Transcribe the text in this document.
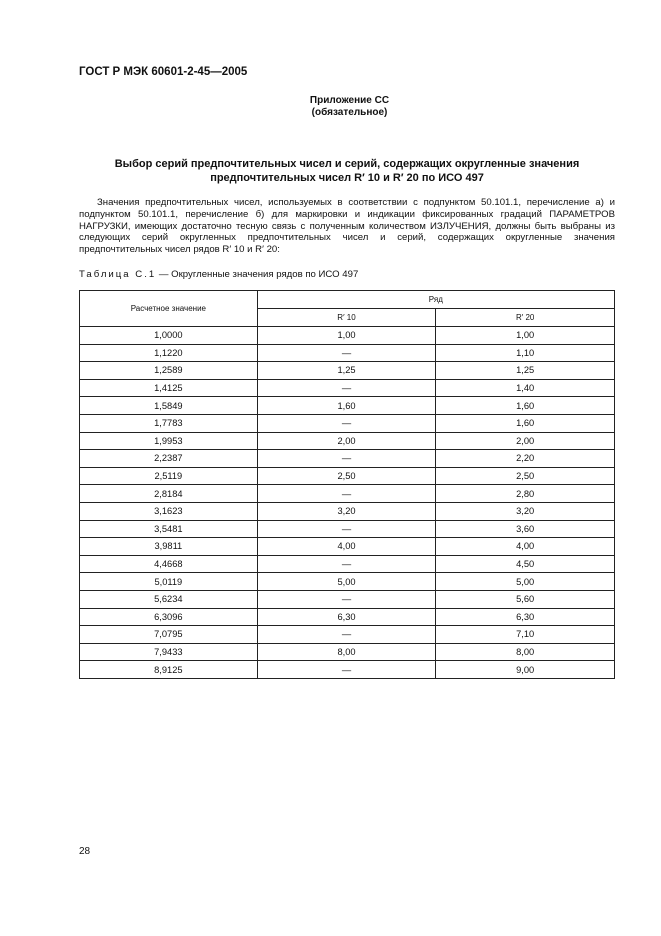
ГОСТ Р МЭК 60601-2-45—2005
Приложение СС
(обязательное)
Выбор серий предпочтительных чисел и серий, содержащих округленные значения
предпочтительных чисел R′ 10 и R′ 20 по ИСО 497

Значения предпочтительных чисел, используемых в соответствии с подпунктом 50.101.1, перечисление а) и подпунктом 50.101.1, перечисление б) для маркировки и индикации фиксированных градаций ПАРАМЕТРОВ НАГРУЗКИ, имеющих достаточно тесную связь с полученным количеством ИЗЛУЧЕНИЯ, должны быть выбраны из следующих серий округленных предпочтительных чисел и серий, содержащих округленные значения предпочтительных чисел рядов R′ 10 и R′ 20:

Таблица С.1 — Округленные значения рядов по ИСО 497
Расчетное значение	Ряд	
	R′ 10	R′ 20
1,0000	1,00	1,00
1,1220	—	1,10
1,2589	1,25	1,25
1,4125	—	1,40
1,5849	1,60	1,60
1,7783	—	1,60
1,9953	2,00	2,00
2,2387	—	2,20
2,5119	2,50	2,50
2,8184	—	2,80
3,1623	3,20	3,20
3,5481	—	3,60
3,9811	4,00	4,00
4,4668	—	4,50
5,0119	5,00	5,00
5,6234	—	5,60
6,3096	6,30	6,30
7,0795	—	7,10
7,9433	8,00	8,00
8,9125	—	9,00
28
